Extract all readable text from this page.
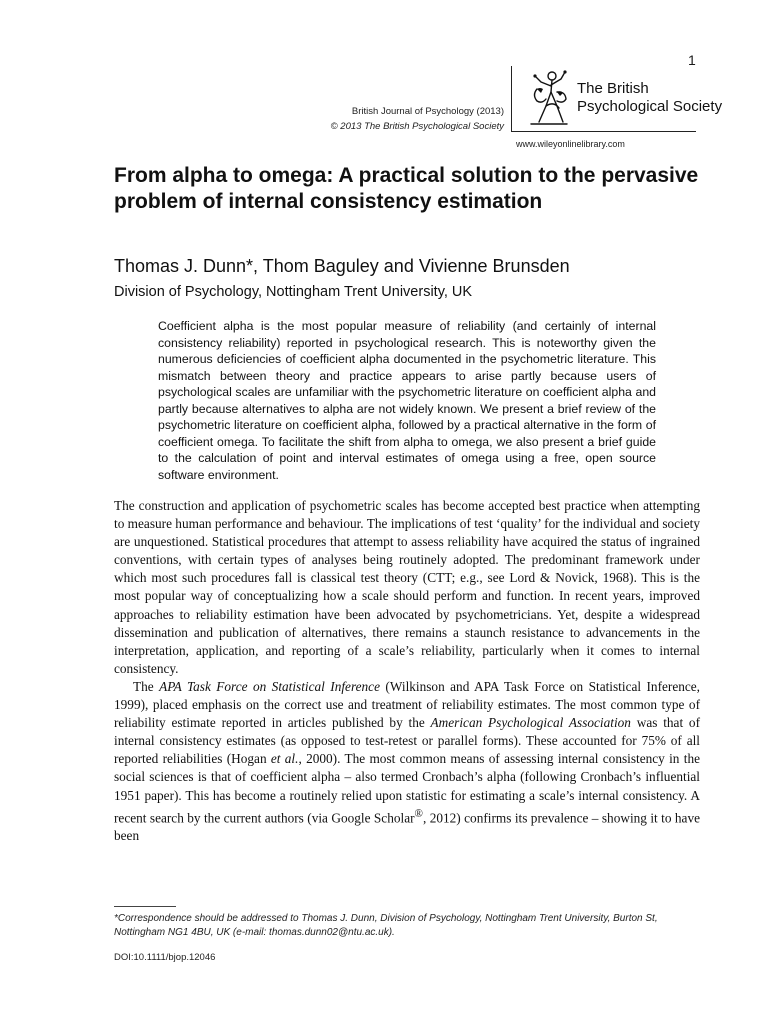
1
British Journal of Psychology (2013)
© 2013 The British Psychological Society
The British
Psychological Society
www.wileyonlinelibrary.com
From alpha to omega: A practical solution to the pervasive problem of internal consistency estimation
Thomas J. Dunn*, Thom Baguley and Vivienne Brunsden
Division of Psychology, Nottingham Trent University, UK

Coefficient alpha is the most popular measure of reliability (and certainly of internal consistency reliability) reported in psychological research. This is noteworthy given the numerous deficiencies of coefficient alpha documented in the psychometric literature. This mismatch between theory and practice appears to arise partly because users of psychological scales are unfamiliar with the psychometric literature on coefficient alpha and partly because alternatives to alpha are not widely known. We present a brief review of the psychometric literature on coefficient alpha, followed by a practical alternative in the form of coefficient omega. To facilitate the shift from alpha to omega, we also present a brief guide to the calculation of point and interval estimates of omega using a free, open source software environment.

The construction and application of psychometric scales has become accepted best practice when attempting to measure human performance and behaviour. The implications of test ‘quality’ for the individual and society are unquestioned. Statistical procedures that attempt to assess reliability have acquired the status of ingrained conventions, with certain types of analyses being routinely adopted. The predominant framework under which most such procedures fall is classical test theory (CTT; e.g., see Lord & Novick, 1968). This is the most popular way of conceptualizing how a scale should perform and function. In recent years, improved approaches to reliability estimation have been advocated by psychometricians. Yet, despite a widespread dissemination and publication of alternatives, there remains a staunch resistance to advancements in the interpretation, application, and reporting of a scale’s reliability, particularly when it comes to internal consistency.

The APA Task Force on Statistical Inference (Wilkinson and APA Task Force on Statistical Inference, 1999), placed emphasis on the correct use and treatment of reliability estimates. The most common type of reliability estimate reported in articles published by the American Psychological Association was that of internal consistency estimates (as opposed to test-retest or parallel forms). These accounted for 75% of all reported reliabilities (Hogan et al., 2000). The most common means of assessing internal consistency in the social sciences is that of coefficient alpha – also termed Cronbach’s alpha (following Cronbach’s influential 1951 paper). This has become a routinely relied upon statistic for estimating a scale’s internal consistency. A recent search by the current authors (via Google Scholar®, 2012) confirms its prevalence – showing it to have been

*Correspondence should be addressed to Thomas J. Dunn, Division of Psychology, Nottingham Trent University, Burton St, Nottingham NG1 4BU, UK (e-mail: thomas.dunn02@ntu.ac.uk).
DOI:10.1111/bjop.12046
